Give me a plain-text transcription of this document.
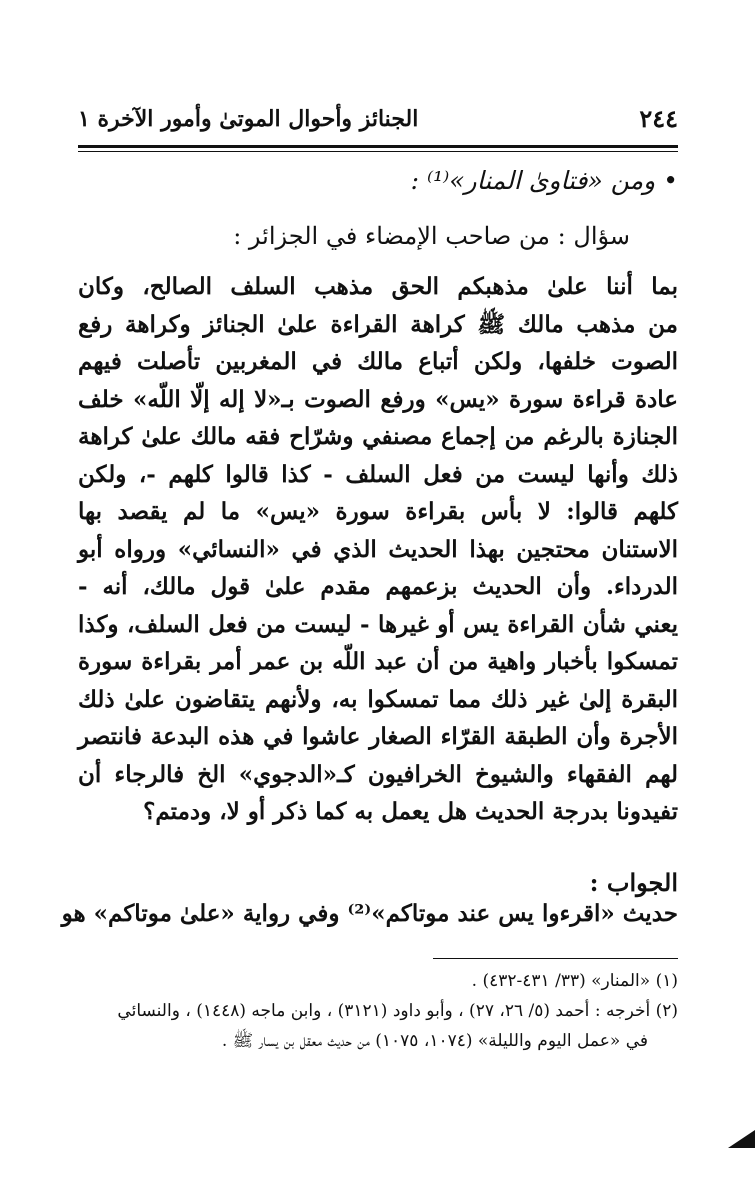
٢٤٤
الجنائز وأحوال الموتىٰ وأمور الآخرة ١
•ومن «فتاوىٰ المنار»⁽¹⁾ :
سؤال : من صاحب الإمضاء في الجزائر :
بما أننا علىٰ مذهبكم الحق مذهب السلف الصالح، وكان
من مذهب مالك ﷺ كراهة القراءة علىٰ الجنائز وكراهة رفع
الصوت خلفها، ولكن أتباع مالك في المغربين تأصلت فيهم
عادة قراءة سورة «يس» ورفع الصوت بـ«لا إله إلّا اللّه» خلف
الجنازة بالرغم من إجماع مصنفي وشرّاح فقه مالك علىٰ كراهة
ذلك وأنها ليست من فعل السلف - كذا قالوا كلهم -، ولكن
كلهم قالوا: لا بأس بقراءة سورة «يس» ما لم يقصد بها
الاستنان محتجين بهذا الحديث الذي في «النسائي» ورواه أبو
الدرداء. وأن الحديث بزعمهم مقدم علىٰ قول مالك، أنه -
يعني شأن القراءة يس أو غيرها - ليست من فعل السلف، وكذا
تمسكوا بأخبار واهية من أن عبد اللّه بن عمر أمر بقراءة سورة
البقرة إلىٰ غير ذلك مما تمسكوا به، ولأنهم يتقاضون علىٰ ذلك
الأجرة وأن الطبقة القرّاء الصغار عاشوا في هذه البدعة فانتصر
لهم الفقهاء والشيوخ الخرافيون كـ«الدجوي» الخ فالرجاء أن
تفيدونا بدرجة الحديث هل يعمل به كما ذكر أو لا، ودمتم؟
الجواب :
حديث «اقرءوا يس عند موتاكم»⁽²⁾ وفي رواية «علىٰ موتاكم» هو
(١) «المنار» (٣٣/ ٤٣١-٤٣٢) .
(٢) أخرجه : أحمد (٥/ ٢٦، ٢٧) ، وأبو داود (٣١٢١) ، وابن ماجه (١٤٤٨) ، والنسائي
في «عمل اليوم والليلة» (١٠٧٤، ١٠٧٥) من حديث معقل بن يسار ﷺ .
